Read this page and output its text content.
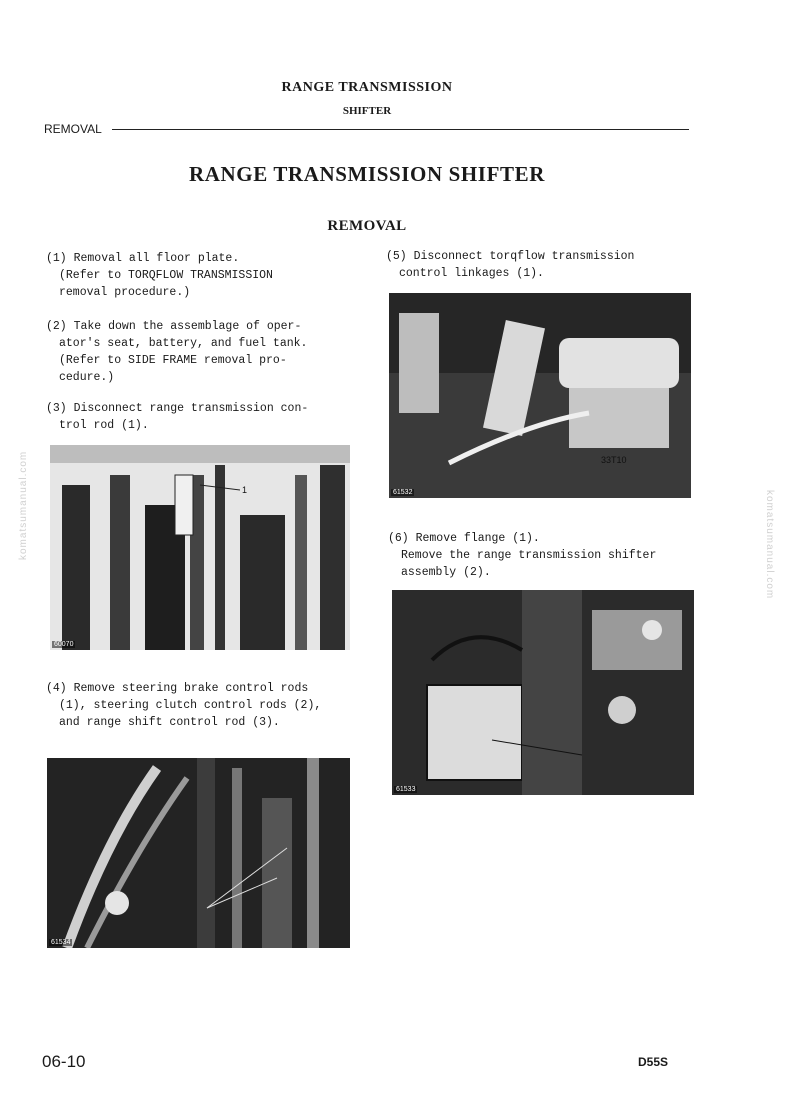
RANGE TRANSMISSION
SHIFTER
REMOVAL
RANGE TRANSMISSION SHIFTER
REMOVAL
(1) Removal all floor plate.
(Refer to TORQFLOW TRANSMISSION
removal procedure.)
(2) Take down the assemblage of oper-
ator's seat, battery, and fuel tank.
(Refer to SIDE FRAME removal pro-
cedure.)
(3) Disconnect range transmission con-
trol rod (1).
1
60070
(4) Remove steering brake control rods
(1), steering clutch control rods (2),
and range shift control rod (3).
61534
(5) Disconnect torqflow transmission
control linkages (1).
33T10
61532
(6) Remove flange (1).
Remove the range transmission shifter
assembly (2).
61533
komatsumanual.com	komatsumanual.com
06-10	D55S
